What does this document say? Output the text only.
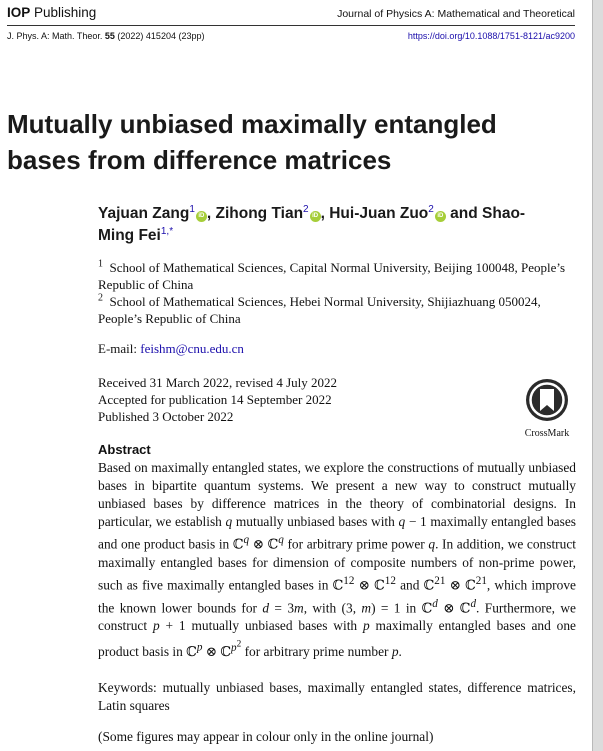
IOP Publishing	Journal of Physics A: Mathematical and Theoretical
J. Phys. A: Math. Theor. 55 (2022) 415204 (23pp)	https://doi.org/10.1088/1751-8121/ac9200
Mutually unbiased maximally entangled bases from difference matrices
Yajuan Zang$^1$iD , Zihong Tian$^2$iD , Hui-Juan Zuo$^2$iD and Shao-Ming Fei$^{1,*}$
$^1$ School of Mathematical Sciences, Capital Normal University, Beijing 100048, People’s Republic of China
$^2$ School of Mathematical Sciences, Hebei Normal University, Shijiazhuang 050024, People’s Republic of China
E-mail: feishm@cnu.edu.cn
Received 31 March 2022, revised 4 July 2022
Accepted for publication 14 September 2022
Published 3 October 2022
CrossMark
Abstract
Based on maximally entangled states, we explore the constructions of mutually unbiased bases in bipartite quantum systems. We present a new way to construct mutually unbiased bases by difference matrices in the theory of combinatorial designs. In particular, we establish q mutually unbiased bases with q − 1 maximally entangled bases and one product basis in ℂ$^q$ ⊗ ℂ$^q$ for arbitrary prime power q. In addition, we construct maximally entangled bases for dimension of composite numbers of non-prime power, such as five maximally entangled bases in ℂ$^{12}$ ⊗ ℂ$^{12}$ and ℂ$^{21}$ ⊗ ℂ$^{21}$, which improve the known lower bounds for d = 3m, with (3, m) = 1 in ℂ$^d$ ⊗ ℂ$^d$. Furthermore, we construct p + 1 mutually unbiased bases with p maximally entangled bases and one product basis in ℂ$^p$ ⊗ ℂ$^{p^2}$ for arbitrary prime number p.
Keywords: mutually unbiased bases, maximally entangled states, difference matrices, Latin squares
(Some figures may appear in colour only in the online journal)
